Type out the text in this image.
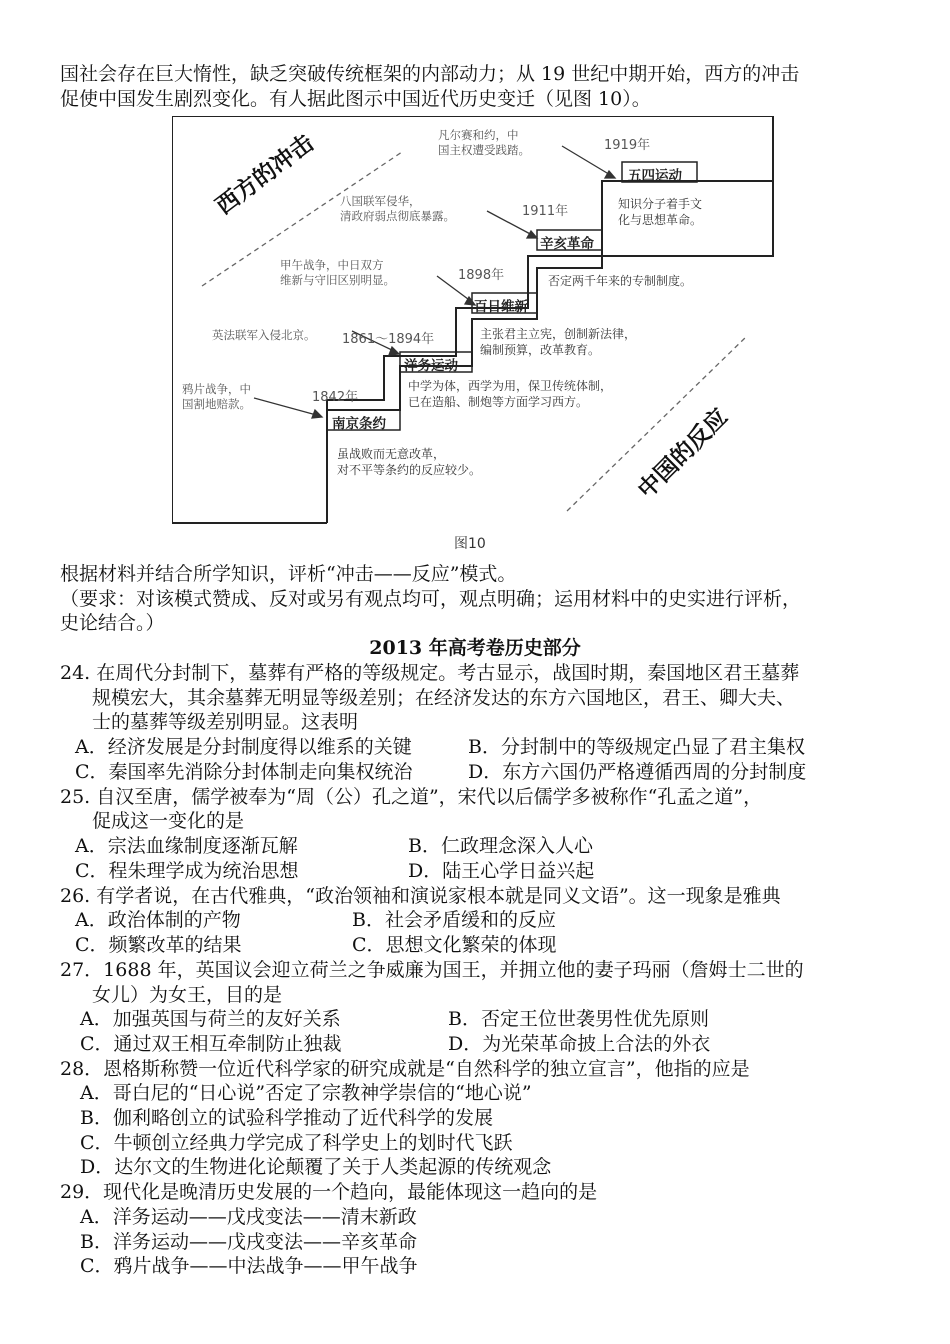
国社会存在巨大惰性，缺乏突破传统框架的内部动力；从 19 世纪中期开始，西方的冲击
促使中国发生剧烈变化。有人据此图示中国近代历史变迁（见图 10）。
西方的冲击
中国的反应
鸦片战争，中
国割地赔款。	1842年
南京条约
虽战败而无意改革，
对不平等条约的反应较少。
英法联军入侵北京。 1861～1894年
洋务运动
中学为体，西学为用，保卫传统体制，
已在造船、制炮等方面学习西方。
甲午战争，中日双方
维新与守旧区别明显。	1898年
百日维新
主张君主立宪，创制新法律，
编制预算，改革教育。
八国联军侵华，
清政府弱点彻底暴露。	1911年
辛亥革命
否定两千年来的专制制度。
凡尔赛和约，中
国主权遭受践踏。	1919年
五四运动
知识分子着手文
化与思想革命。
图10
根据材料并结合所学知识，评析“冲击——反应”模式。
（要求：对该模式赞成、反对或另有观点均可，观点明确；运用材料中的史实进行评析，
史论结合。）
2013 年高考卷历史部分
24. 在周代分封制下，墓葬有严格的等级规定。考古显示，战国时期，秦国地区君王墓葬
规模宏大，其余墓葬无明显等级差别；在经济发达的东方六国地区，君王、卿大夫、
士的墓葬等级差别明显。这表明
A．经济发展是分封制度得以维系的关键	B．分封制中的等级规定凸显了君主集权
C．秦国率先消除分封体制走向集权统治	D．东方六国仍严格遵循西周的分封制度
25. 自汉至唐，儒学被奉为“周（公）孔之道”，宋代以后儒学多被称作“孔孟之道”，
促成这一变化的是
A．宗法血缘制度逐渐瓦解	B．仁政理念深入人心
C．程朱理学成为统治思想	D．陆王心学日益兴起
26. 有学者说，在古代雅典，“政治领袖和演说家根本就是同义文语”。这一现象是雅典
A．政治体制的产物	B．社会矛盾缓和的反应
C．频繁改革的结果	C．思想文化繁荣的体现
27．1688 年，英国议会迎立荷兰之争威廉为国王，并拥立他的妻子玛丽（詹姆士二世的
女儿）为女王，目的是
A．加强英国与荷兰的友好关系	B．否定王位世袭男性优先原则
C．通过双王相互牵制防止独裁	D．为光荣革命披上合法的外衣
28．恩格斯称赞一位近代科学家的研究成就是“自然科学的独立宣言”，他指的应是
A．哥白尼的“日心说”否定了宗教神学崇信的“地心说”
B．伽利略创立的试验科学推动了近代科学的发展
C．牛顿创立经典力学完成了科学史上的划时代飞跃
D．达尔文的生物进化论颠覆了关于人类起源的传统观念
29．现代化是晚清历史发展的一个趋向，最能体现这一趋向的是
A．洋务运动——戊戌变法——清末新政
B．洋务运动——戊戌变法——辛亥革命
C．鸦片战争——中法战争——甲午战争
